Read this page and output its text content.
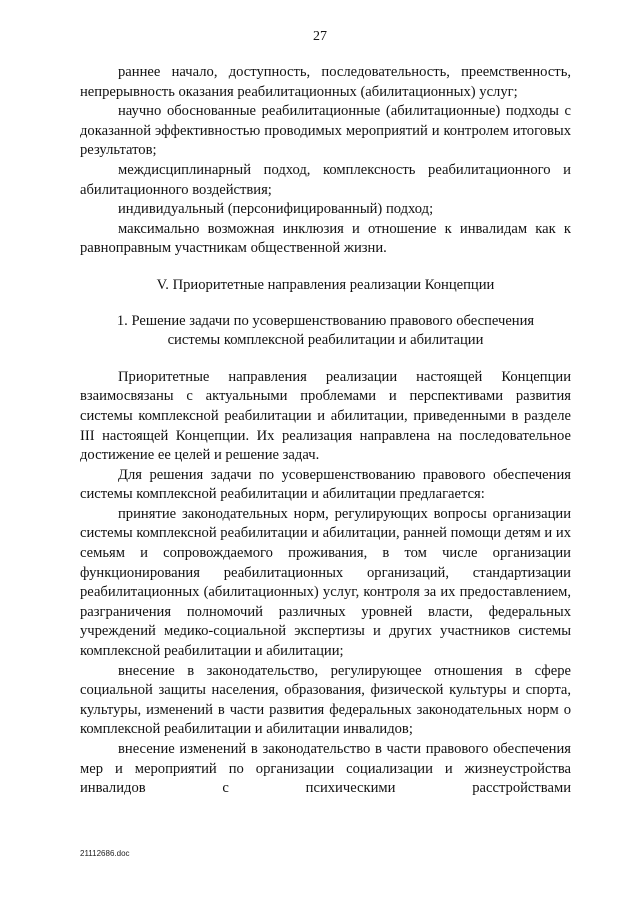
27

раннее начало, доступность, последовательность, преемственность, непрерывность оказания реабилитационных (абилитационных) услуг;

научно обоснованные реабилитационные (абилитационные) подходы с доказанной эффективностью проводимых мероприятий и контролем итоговых результатов;

междисциплинарный подход, комплексность реабилитационного и абилитационного воздействия;

индивидуальный (персонифицированный) подход;

максимально возможная инклюзия и отношение к инвалидам как к равноправным участникам общественной жизни.

V. Приоритетные направления реализации Концепции

1. Решение задачи по усовершенствованию правового обеспечения
системы комплексной реабилитации и абилитации

Приоритетные направления реализации настоящей Концепции взаимосвязаны с актуальными проблемами и перспективами развития системы комплексной реабилитации и абилитации, приведенными в разделе III настоящей Концепции. Их реализация направлена на последовательное достижение ее целей и решение задач.

Для решения задачи по усовершенствованию правового обеспечения системы комплексной реабилитации и абилитации предлагается:

принятие законодательных норм, регулирующих вопросы организации системы комплексной реабилитации и абилитации, ранней помощи детям и их семьям и сопровождаемого проживания, в том числе организации функционирования реабилитационных организаций, стандартизации реабилитационных (абилитационных) услуг, контроля за их предоставлением, разграничения полномочий различных уровней власти, федеральных учреждений медико-социальной экспертизы и других участников системы комплексной реабилитации и абилитации;

внесение в законодательство, регулирующее отношения в сфере социальной защиты населения, образования, физической культуры и спорта, культуры, изменений в части развития федеральных законодательных норм о комплексной реабилитации и абилитации инвалидов;

внесение изменений в законодательство в части правового обеспечения мер и мероприятий по организации социализации и жизнеустройства инвалидов с психическими расстройствами

21112686.doc
